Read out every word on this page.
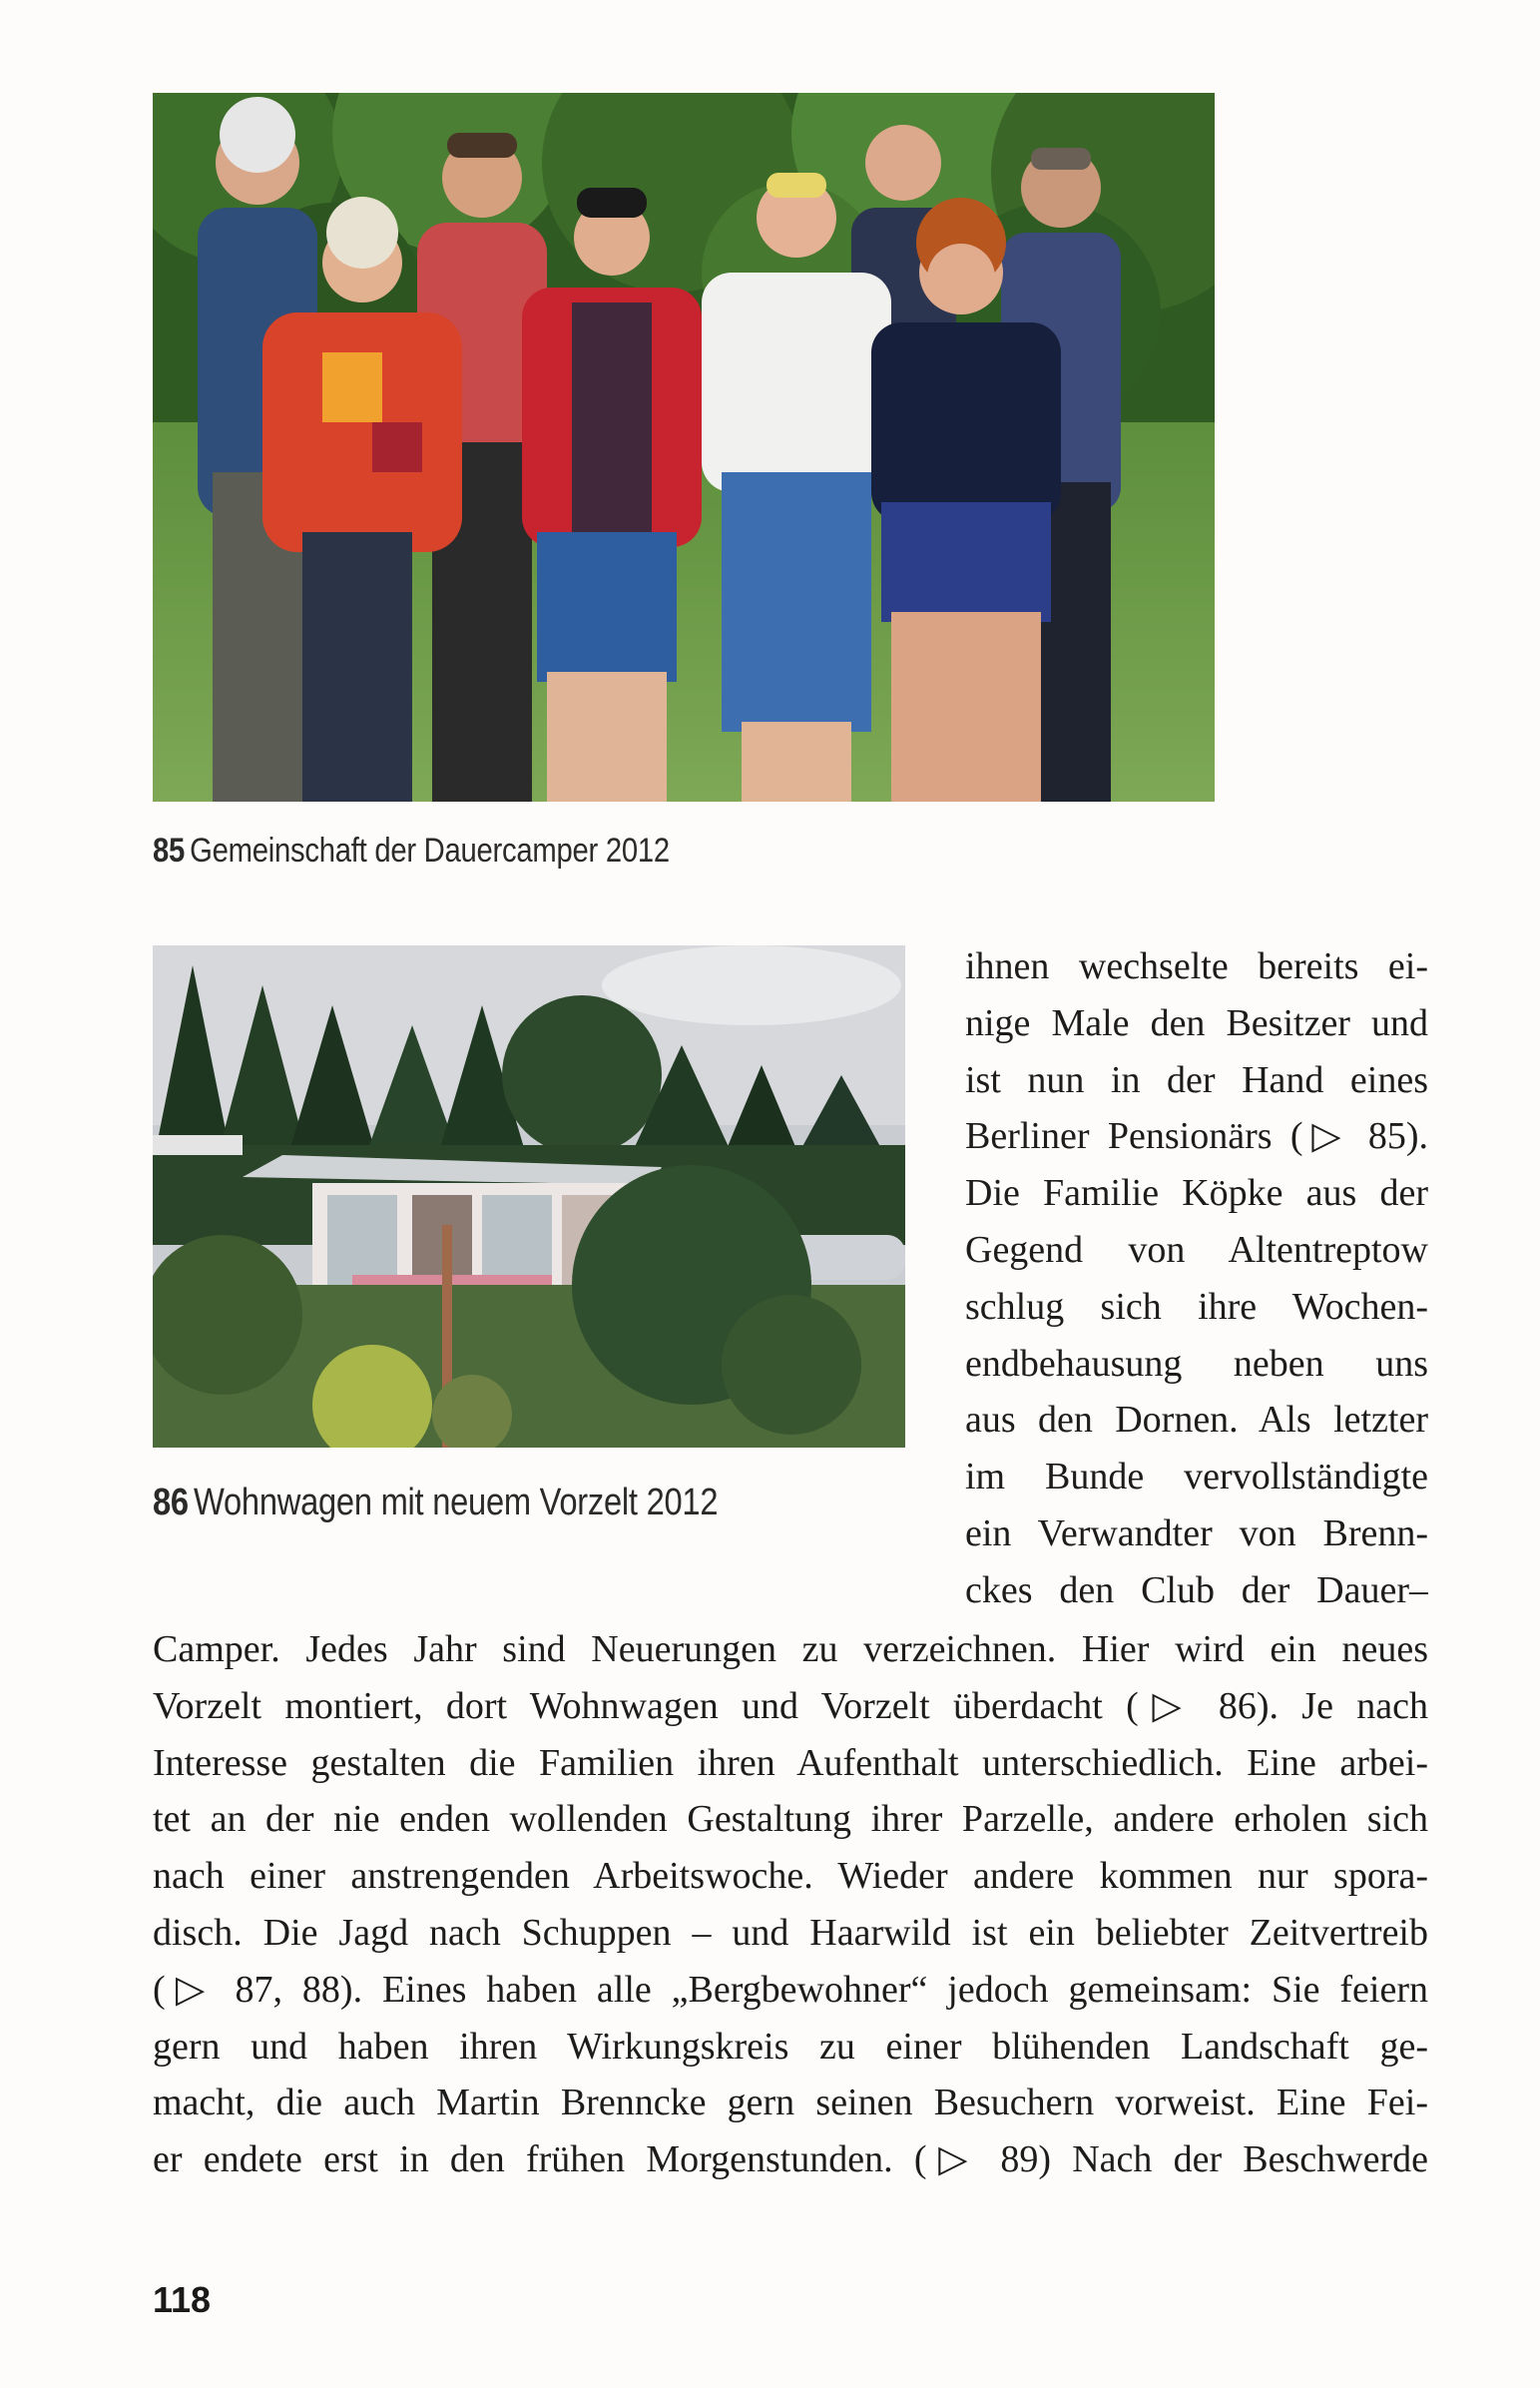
85 Gemeinschaft der Dauercamper 2012
86 Wohnwagen mit neuem Vorzelt 2012
ihnen wechselte bereits ei-
nige Male den Besitzer und
ist nun in der Hand eines
Berliner Pensionärs (▷ 85).
Die Familie Köpke aus der
Gegend von Altentreptow
schlug sich ihre Wochen-
endbehausung neben uns
aus den Dornen. Als letzter
im Bunde vervollständigte
ein Verwandter von Brenn-
ckes den Club der Dauer–
Camper. Jedes Jahr sind Neuerungen zu verzeichnen. Hier wird ein neues
Vorzelt montiert, dort Wohnwagen und Vorzelt überdacht (▷ 86). Je nach
Interesse gestalten die Familien ihren Aufenthalt unterschiedlich. Eine arbei-
tet an der nie enden wollenden Gestaltung ihrer Parzelle, andere erholen sich
nach einer anstrengenden Arbeitswoche. Wieder andere kommen nur spora-
disch. Die Jagd nach Schuppen – und Haarwild ist ein beliebter Zeitvertreib
(▷ 87, 88). Eines haben alle „Bergbewohner“ jedoch gemeinsam: Sie feiern
gern und haben ihren Wirkungskreis zu einer blühenden Landschaft ge-
macht, die auch Martin Brenncke gern seinen Besuchern vorweist. Eine Fei-
er endete erst in den frühen Morgenstunden. (▷ 89) Nach der Beschwerde
118
